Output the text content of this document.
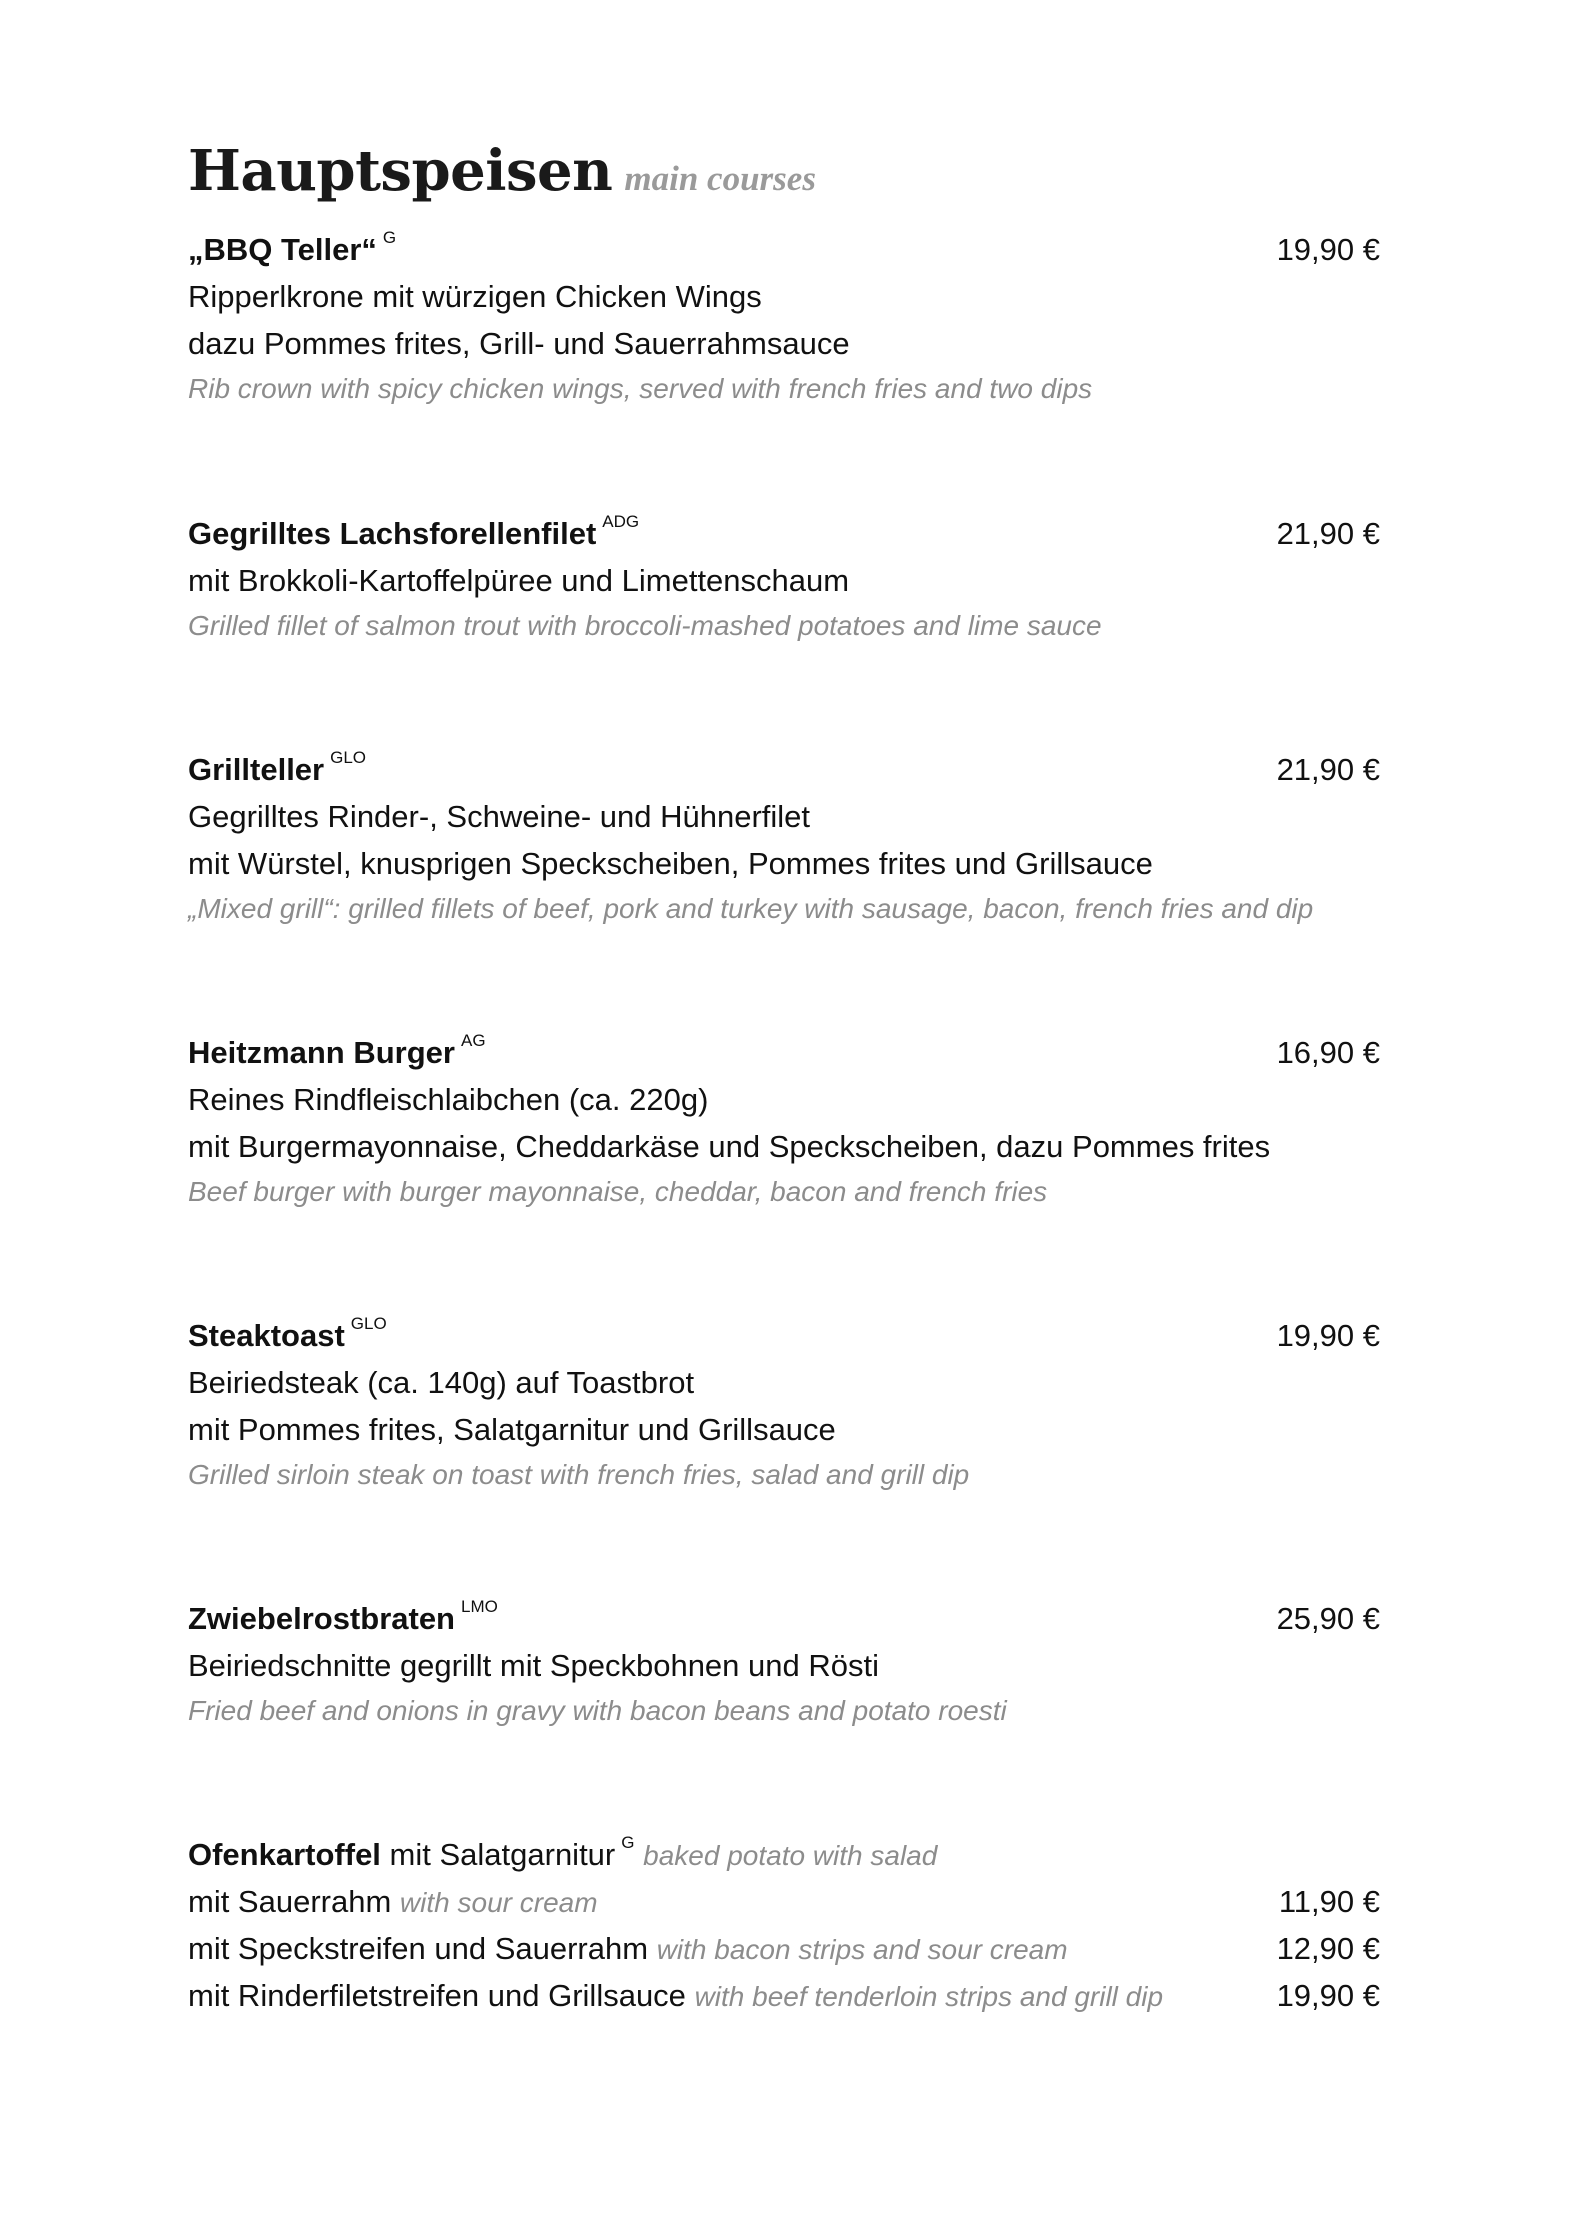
Hauptspeisen main courses
„BBQ Teller“ $^G$	19,90 €
Ripperlkrone mit würzigen Chicken Wings
dazu Pommes frites, Grill- und Sauerrahmsauce
Rib crown with spicy chicken wings, served with french fries and two dips
Gegrilltes Lachsforellenfilet $^{ADG}$	21,90 €
mit Brokkoli-Kartoffelpüree und Limettenschaum
Grilled fillet of salmon trout with broccoli-mashed potatoes and lime sauce
Grillteller $^{GLO}$	21,90 €
Gegrilltes Rinder-, Schweine- und Hühnerfilet
mit Würstel, knusprigen Speckscheiben, Pommes frites und Grillsauce
„Mixed grill“: grilled fillets of beef, pork and turkey with sausage, bacon, french fries and dip
Heitzmann Burger $^{AG}$	16,90 €
Reines Rindfleischlaibchen (ca. 220g)
mit Burgermayonnaise, Cheddarkäse und Speckscheiben, dazu Pommes frites
Beef burger with burger mayonnaise, cheddar, bacon and french fries
Steaktoast $^{GLO}$	19,90 €
Beiriedsteak (ca. 140g) auf Toastbrot
mit Pommes frites, Salatgarnitur und Grillsauce
Grilled sirloin steak on toast with french fries, salad and grill dip
Zwiebelrostbraten $^{LMO}$	25,90 €
Beiriedschnitte gegrillt mit Speckbohnen und Rösti
Fried beef and onions in gravy with bacon beans and potato roesti
Ofenkartoffel mit Salatgarnitur $^G$ baked potato with salad
mit Sauerrahm with sour cream	11,90 €
mit Speckstreifen und Sauerrahm with bacon strips and sour cream	12,90 €
mit Rinderfiletstreifen und Grillsauce with beef tenderloin strips and grill dip	19,90 €
